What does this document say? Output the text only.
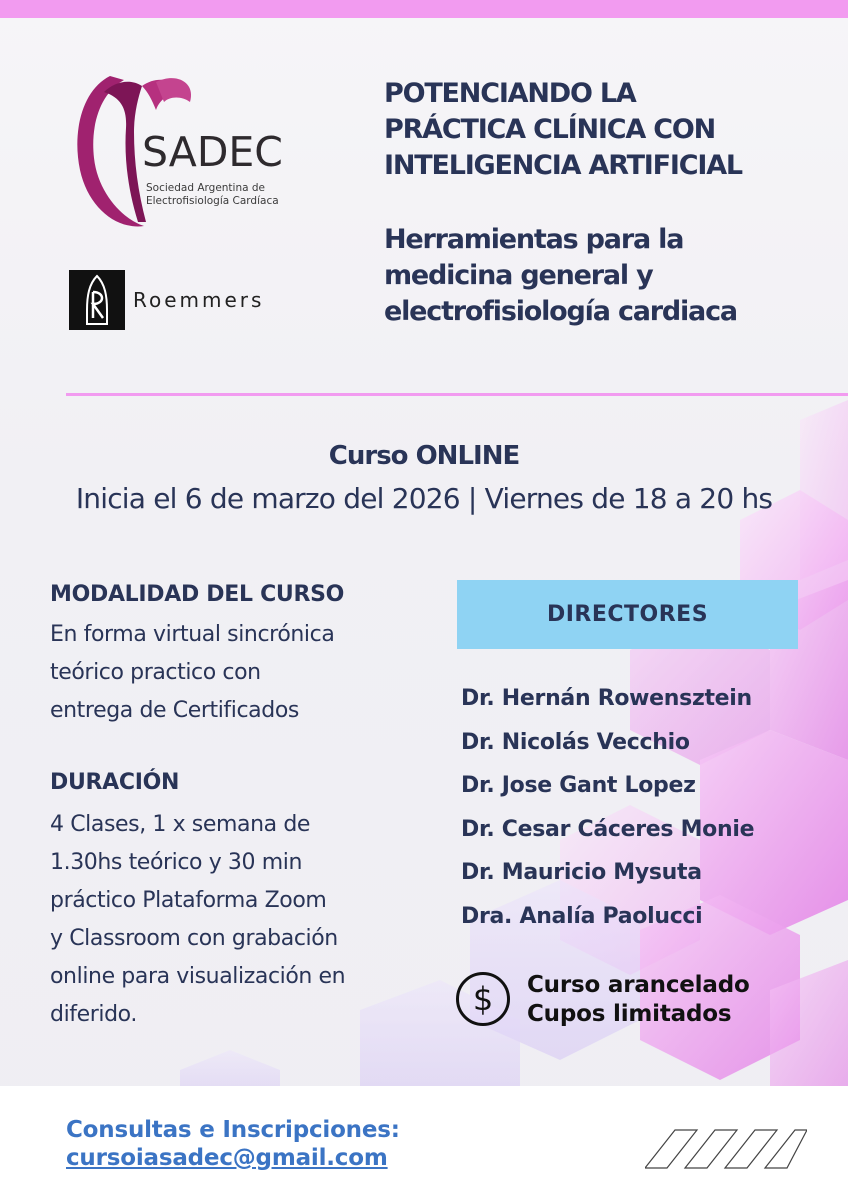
SADEC
Sociedad Argentina de
Electrofisiología Cardíaca
Roemmers
POTENCIANDO LA
PRÁCTICA CLÍNICA CON
INTELIGENCIA ARTIFICIAL
Herramientas para la
medicina general y
electrofisiología cardiaca
Curso ONLINE
Inicia el 6 de marzo del 2026 | Viernes de 18 a 20 hs
MODALIDAD DEL CURSO
En forma virtual sincrónica
teórico practico con
entrega de Certificados
DURACIÓN
4 Clases, 1 x semana de
1.30hs teórico y 30 min
práctico Plataforma Zoom
y Classroom con grabación
online para visualización en
diferido.
DIRECTORES
Dr. Hernán Rowensztein
Dr. Nicolás Vecchio
Dr. Jose Gant Lopez
Dr. Cesar Cáceres Monie
Dr. Mauricio Mysuta
Dra. Analía Paolucci
$	Curso arancelado
Cupos limitados
Consultas e Inscripciones:
cursoiasadec@gmail.com
